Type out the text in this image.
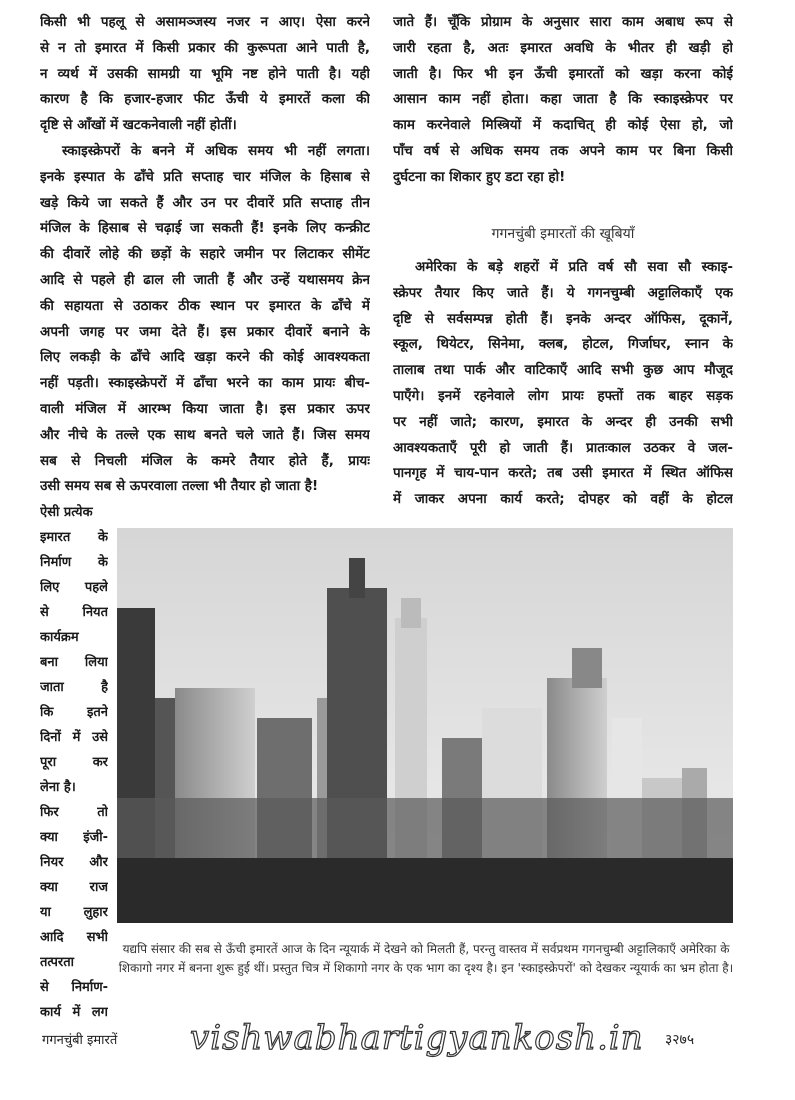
किसी भी पहलू से असामञ्जस्य नजर न आए। ऐसा करने
से न तो इमारत में किसी प्रकार की कुरूपता आने पाती है,
न व्यर्थ में उसकी सामग्री या भूमि नष्ट होने पाती है। यही
कारण है कि हजार-हजार फीट ऊँची ये इमारतें कला की
दृष्टि से आँखों में खटकनेवाली नहीं होतीं।
स्काइस्क्रेपरों के बनने में अधिक समय भी नहीं लगता।
इनके इस्पात के ढाँचे प्रति सप्ताह चार मंजिल के हिसाब से
खड़े किये जा सकते हैं और उन पर दीवारें प्रति सप्ताह तीन
मंजिल के हिसाब से चढ़ाई जा सकती हैं! इनके लिए कन्क्रीट
की दीवारें लोहे की छड़ों के सहारे जमीन पर लिटाकर सीमेंट
आदि से पहले ही ढाल ली जाती हैं और उन्हें यथासमय क्रेन
की सहायता से उठाकर ठीक स्थान पर इमारत के ढाँचे में
अपनी जगह पर जमा देते हैं। इस प्रकार दीवारें बनाने के
लिए लकड़ी के ढाँचे आदि खड़ा करने की कोई आवश्यकता
नहीं पड़ती। स्काइस्क्रेपरों में ढाँचा भरने का काम प्रायः बीच-
वाली मंजिल में आरम्भ किया जाता है। इस प्रकार ऊपर
और नीचे के तल्ले एक साथ बनते चले जाते हैं। जिस समय
सब से निचली मंजिल के कमरे तैयार होते हैं, प्रायः
उसी समय सब से ऊपरवाला तल्ला भी तैयार हो जाता है!
जाते हैं। चूँकि प्रोग्राम के अनुसार सारा काम अबाध रूप से
जारी रहता है, अतः इमारत अवधि के भीतर ही खड़ी हो
जाती है। फिर भी इन ऊँची इमारतों को खड़ा करना कोई
आसान काम नहीं होता। कहा जाता है कि स्काइस्क्रेपर पर
काम करनेवाले मिस्त्रियों में कदाचित् ही कोई ऐसा हो, जो
पाँच वर्ष से अधिक समय तक अपने काम पर बिना किसी
दुर्घटना का शिकार हुए डटा रहा हो!
गगनचुंबी इमारतों की खूबियाँ
अमेरिका के बड़े शहरों में प्रति वर्ष सौ सवा सौ स्काइ-
स्क्रेपर तैयार किए जाते हैं। ये गगनचुम्बी अट्टालिकाएँ एक
दृष्टि से सर्वसम्पन्न होती हैं। इनके अन्दर ऑफिस, दूकानें,
स्कूल, थियेटर, सिनेमा, क्लब, होटल, गिर्जाघर, स्नान के
तालाब तथा पार्क और वाटिकाएँ आदि सभी कुछ आप मौजूद
पाएँगे। इनमें रहनेवाले लोग प्रायः हफ्तों तक बाहर सड़क
पर नहीं जाते; कारण, इमारत के अन्दर ही उनकी सभी
आवश्यकताएँ पूरी हो जाती हैं। प्रातःकाल उठकर वे जल-
पानगृह में चाय-पान करते; तब उसी इमारत में स्थित ऑफिस
में जाकर अपना कार्य करते; दोपहर को वहीं के होटल
ऐसी प्रत्येक
इमारत के
निर्माण के
लिए पहले
से नियत
कार्यक्रम
बना लिया
जाता है
कि इतने
दिनों में उसे
पूरा कर
लेना है।
फिर तो
क्या इंजी-
नियर और
क्या राज
या लुहार
आदि सभी
तत्परता
से निर्माण-
कार्य में लग
यद्यपि संसार की सब से ऊँची इमारतें आज के दिन न्यूयार्क में देखने को मिलती हैं, परन्तु वास्तव में सर्वप्रथम गगनचुम्बी अट्टालिकाएँ अमेरिका के शिकागो नगर में बनना शुरू हुई थीं। प्रस्तुत चित्र में शिकागो नगर के एक भाग का दृश्य है। इन 'स्काइस्क्रेपरों' को देखकर न्यूयार्क का भ्रम होता है।
गगनचुंबी इमारतें vishwabhartigyankosh.in ३२७५
